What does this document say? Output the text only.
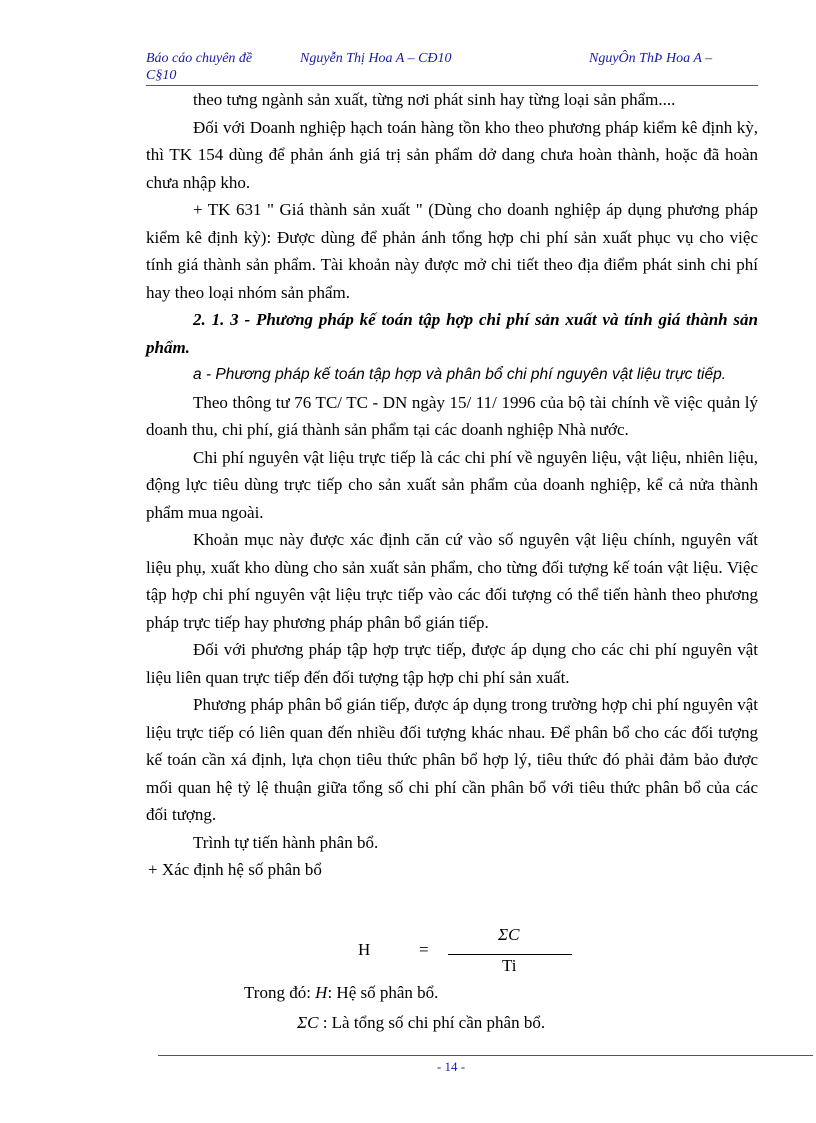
Báo cáo chuyên đề	Nguyễn Thị Hoa A – CĐ10	NguyÔn ThÞ Hoa A –
C§10

theo tưng ngành sản xuất, từng nơi phát sinh hay từng loại sản phẩm....

Đối với Doanh nghiệp hạch toán hàng tồn kho theo phương pháp kiểm kê định kỳ, thì TK 154 dùng để phản ánh giá trị sản phẩm dở dang chưa hoàn thành, hoặc đã hoàn chưa nhập kho.

+ TK 631 " Giá thành sản xuất " (Dùng cho doanh nghiệp áp dụng phương pháp kiểm kê định kỳ): Được dùng để phản ánh tổng hợp chi phí sản xuất phục vụ cho việc tính giá thành sản phẩm. Tài khoản này được mở chi tiết theo địa điểm phát sinh chi phí hay theo loại nhóm sản phẩm.

2. 1. 3 - Phương pháp kế toán tập hợp chi phí sản xuất và tính giá thành sản phẩm.

a - Phương pháp kế toán tập hợp và phân bổ chi phí nguyên vật liệu trực tiếp.

Theo thông tư 76 TC/ TC - DN ngày 15/ 11/ 1996 của bộ tài chính về việc quản lý doanh thu, chi phí, giá thành sản phẩm tại các doanh nghiệp Nhà nước.

Chi phí nguyên vật liệu trực tiếp là các chi phí về nguyên liệu, vật liệu, nhiên liệu, động lực tiêu dùng trực tiếp cho sản xuất sản phẩm của doanh nghiệp, kể cả nửa thành phẩm mua ngoài.

Khoản mục này được xác định căn cứ vào số nguyên vật liệu chính, nguyên vất liệu phụ, xuất kho dùng cho sản xuất sản phẩm, cho từng đối tượng kế toán vật liệu. Việc tập hợp chi phí nguyên vật liệu trực tiếp vào các đối tượng có thể tiến hành theo phương pháp trực tiếp hay phương pháp phân bổ gián tiếp.

Đối với phương pháp tập hợp trực tiếp, được áp dụng cho các chi phí nguyên vật liệu liên quan trực tiếp đến đối tượng tập hợp chi phí sản xuất.

Phương pháp phân bổ gián tiếp, được áp dụng trong trường hợp chi phí nguyên vật liệu trực tiếp có liên quan đến nhiều đối tượng khác nhau. Để phân bổ cho các đối tượng kế toán cần xá định, lựa chọn tiêu thức phân bổ hợp lý, tiêu thức đó phải đảm bảo được mối quan hệ tỷ lệ thuận giữa tổng số chi phí cần phân bổ với tiêu thức phân bổ của các đối tượng.

Trình tự tiến hành phân bổ.

+ Xác định hệ số phân bổ

H	=
ΣC
Ti
Trong đó: H: Hệ số phân bổ.
ΣC : Là tổng số chi phí cần phân bổ.
- 14 -
